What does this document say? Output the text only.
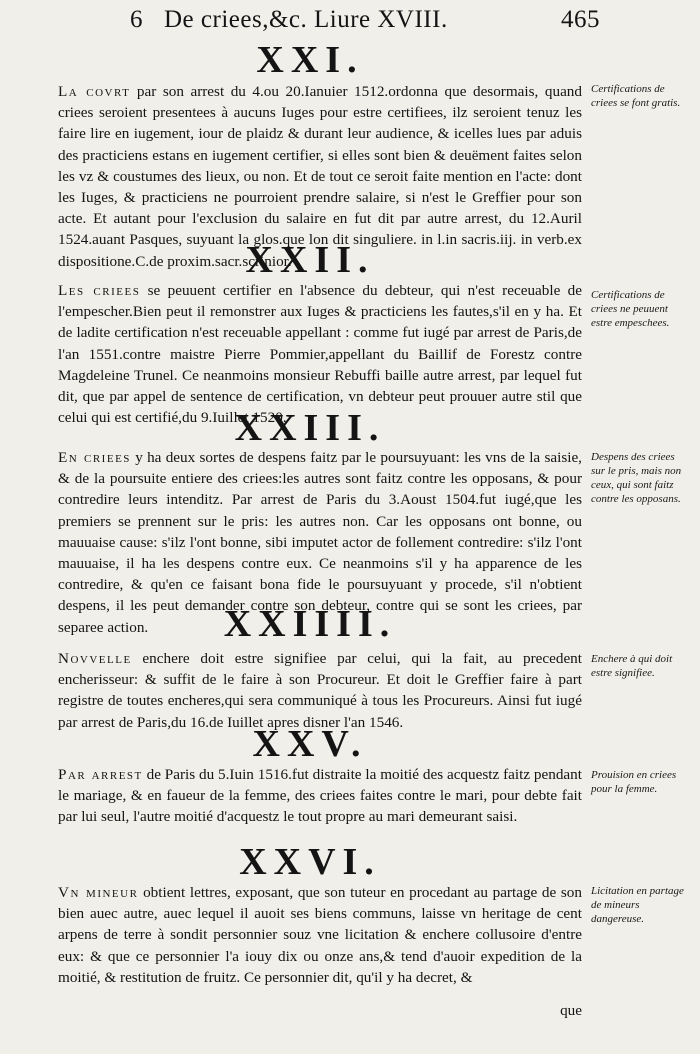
6 De criees,&c. Liure XVIII.	465
XXI.
La covrt par son arrest du 4.ou 20.Ianuier 1512.ordonna que desormais, quand criees seroient presentees à aucuns Iuges pour estre certifiees, ilz seroient tenuz les faire lire en iugement, iour de plaidz & durant leur audience, & icelles lues par aduis des practiciens estans en iugement certifier, si elles sont bien & deuëment faites selon les vz & coustumes des lieux, ou non. Et de tout ce seroit faite mention en l'acte: dont les Iuges, & practiciens ne pourroient prendre salaire, si n'est le Greffier pour son acte. Et autant pour l'exclusion du salaire en fut dit par autre arrest, du 12.Auril 1524.auant Pasques, suyuant la glos.que lon dit singuliere. in l.in sacris.iij. in verb.ex dispositione.C.de proxim.sacr.scrinior.
Certifications de criees se font gratis.
XXII.
Les criees se peuuent certifier en l'absence du debteur, qui n'est receuable de l'empescher.Bien peut il remonstrer aux Iuges & practiciens les fautes,s'il en y ha. Et de ladite certification n'est receuable appellant : comme fut iugé par arrest de Paris,de l'an 1551.contre maistre Pierre Pommier,appellant du Baillif de Forestz contre Magdeleine Trunel. Ce neanmoins monsieur Rebuffi baille autre arrest, par lequel fut dit, que par appel de sentence de certification, vn debteur peut prouuer autre stil que celui qui est certifié,du 9.Iuillet 1520.
Certifications de criees ne peuuent estre empeschees.
XXIII.
En criees y ha deux sortes de despens faitz par le poursuyuant: les vns de la saisie, & de la poursuite entiere des criees:les autres sont faitz contre les opposans, & pour contredire leurs intenditz. Par arrest de Paris du 3.Aoust 1504.fut iugé,que les premiers se prennent sur le pris: les autres non. Car les opposans ont bonne, ou mauuaise cause: s'ilz l'ont bonne, sibi imputet actor de follement contredire: s'ilz l'ont mauuaise, il ha les despens contre eux. Ce neanmoins s'il y ha apparence de les contredire, & qu'en ce faisant bona fide le poursuyuant y procede, s'il n'obtient despens, il les peut demander contre son debteur, contre qui se sont les criees, par separee action.
Despens des criees sur le pris, mais non ceux, qui sont faitz contre les opposans.
XXIIII.
Novvelle enchere doit estre signifiee par celui, qui la fait, au precedent encherisseur: & suffit de le faire à son Procureur. Et doit le Greffier faire à part registre de toutes encheres,qui sera communiqué à tous les Procureurs. Ainsi fut iugé par arrest de Paris,du 16.de Iuillet apres disner l'an 1546.
Enchere à qui doit estre signifiee.
XXV.
Par arrest de Paris du 5.Iuin 1516.fut distraite la moitié des acquestz faitz pendant le mariage, & en faueur de la femme, des criees faites contre le mari, pour debte fait par lui seul, l'autre moitié d'acquestz le tout propre au mari demeurant saisi.
Prouision en criees pour la femme.
XXVI.
Vn mineur obtient lettres, exposant, que son tuteur en procedant au partage de son bien auec autre, auec lequel il auoit ses biens communs, laisse vn heritage de cent arpens de terre à sondit personnier souz vne licitation & enchere collusoire d'entre eux: & que ce personnier l'a iouy dix ou onze ans,& tend d'auoir expedition de la moitié, & restitution de fruitz. Ce personnier dit, qu'il y ha decret, &
Licitation en partage de mineurs dangereuse.
que
